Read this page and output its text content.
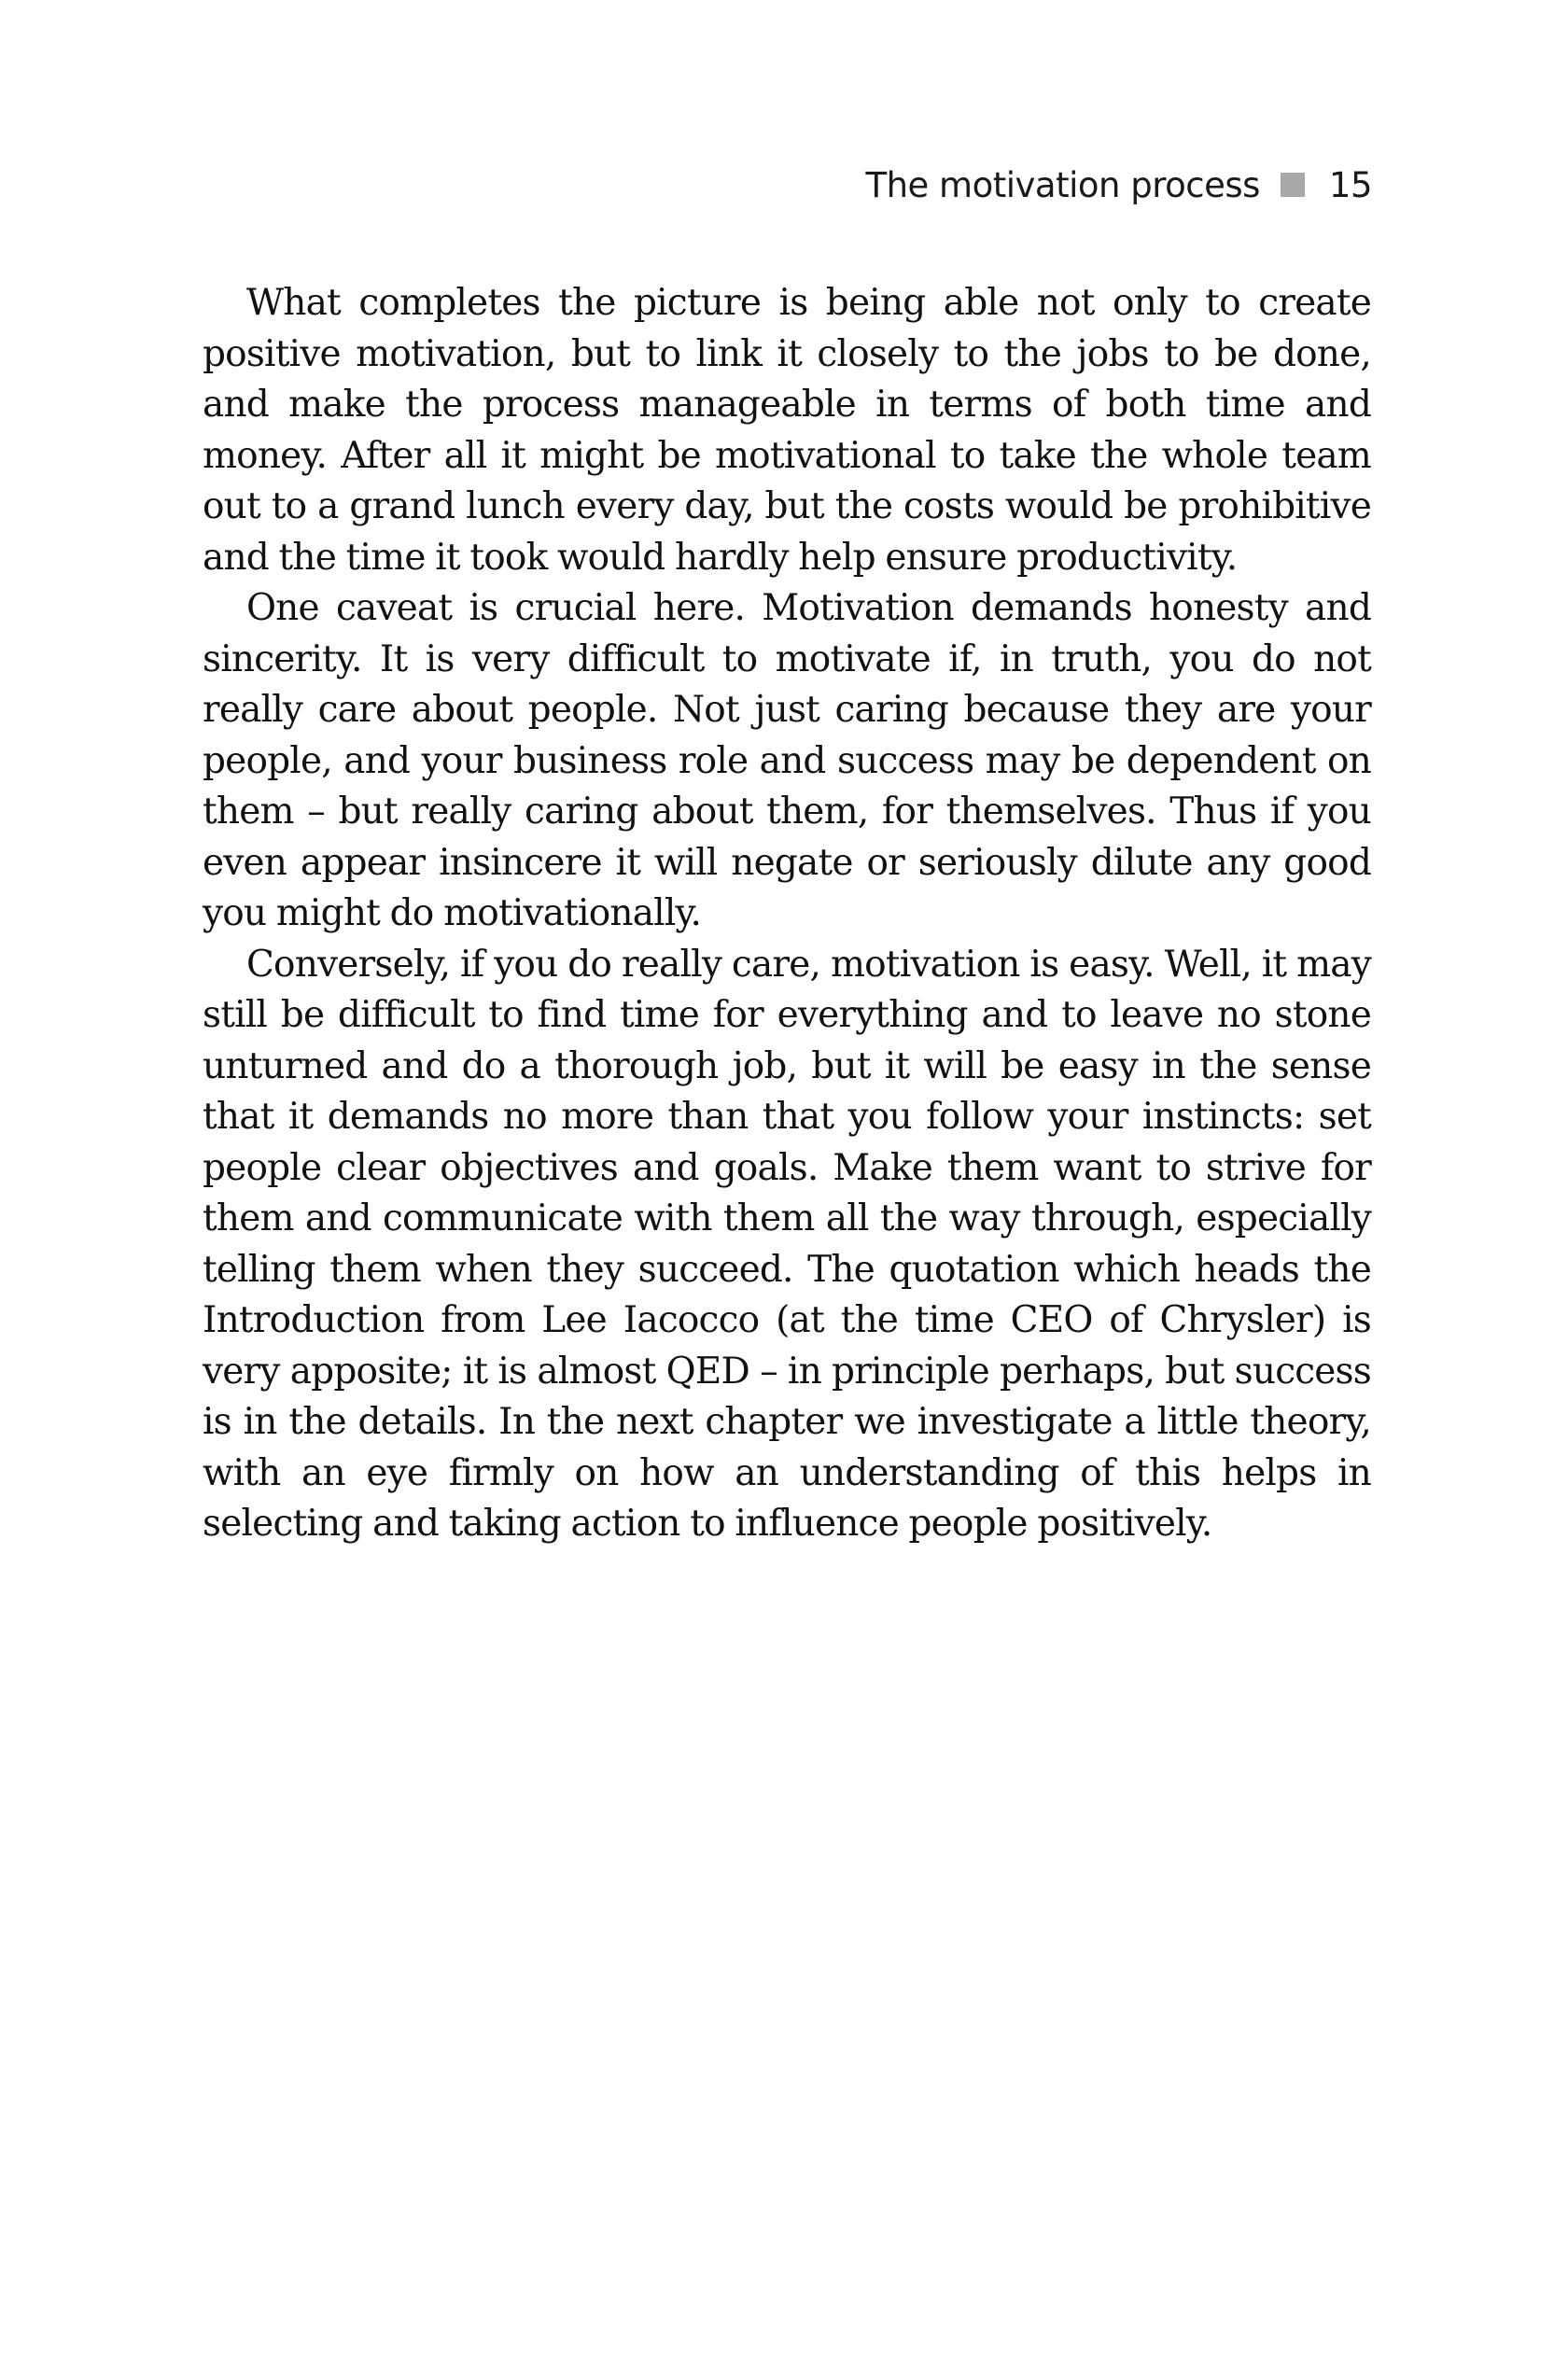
The motivation process 15

What completes the picture is being able not only to create positive motivation, but to link it closely to the jobs to be done, and make the process manageable in terms of both time and money. After all it might be motivational to take the whole team out to a grand lunch every day, but the costs would be prohibitive and the time it took would hardly help ensure productivity.

One caveat is crucial here. Motivation demands honesty and sincerity. It is very difficult to motivate if, in truth, you do not really care about people. Not just caring because they are your people, and your business role and success may be dependent on them – but really caring about them, for themselves. Thus if you even appear insincere it will negate or seriously dilute any good you might do motivationally.

Conversely, if you do really care, motivation is easy. Well, it may still be difficult to find time for everything and to leave no stone unturned and do a thorough job, but it will be easy in the sense that it demands no more than that you follow your instincts: set people clear objectives and goals. Make them want to strive for them and communicate with them all the way through, especially telling them when they succeed. The quotation which heads the Introduction from Lee Iacocco (at the time CEO of Chrysler) is very apposite; it is almost QED – in principle perhaps, but success is in the details. In the next chapter we investigate a little theory, with an eye firmly on how an understanding of this helps in selecting and taking action to influence people positively.
